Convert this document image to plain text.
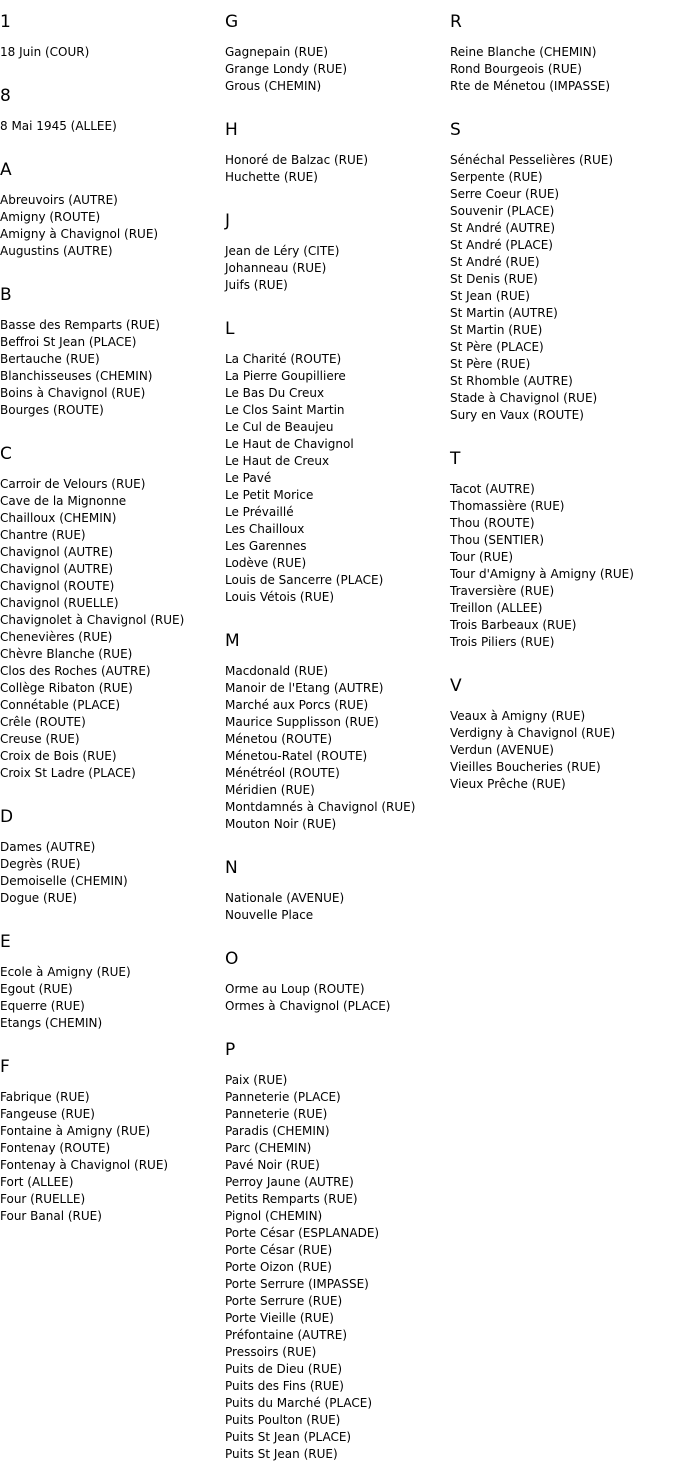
1
18 Juin (COUR)
8
8 Mai 1945 (ALLEE)
A
Abreuvoirs (AUTRE)
Amigny (ROUTE)
Amigny à Chavignol (RUE)
Augustins (AUTRE)
B
Basse des Remparts (RUE)
Beffroi St Jean (PLACE)
Bertauche (RUE)
Blanchisseuses (CHEMIN)
Boins à Chavignol (RUE)
Bourges (ROUTE)
C
Carroir de Velours (RUE)
Cave de la Mignonne
Chailloux (CHEMIN)
Chantre (RUE)
Chavignol (AUTRE)
Chavignol (AUTRE)
Chavignol (ROUTE)
Chavignol (RUELLE)
Chavignolet à Chavignol (RUE)
Chenevières (RUE)
Chèvre Blanche (RUE)
Clos des Roches (AUTRE)
Collège Ribaton (RUE)
Connétable (PLACE)
Crêle (ROUTE)
Creuse (RUE)
Croix de Bois (RUE)
Croix St Ladre (PLACE)
D
Dames (AUTRE)
Degrès (RUE)
Demoiselle (CHEMIN)
Dogue (RUE)
E
Ecole à Amigny (RUE)
Egout (RUE)
Equerre (RUE)
Etangs (CHEMIN)
F
Fabrique (RUE)
Fangeuse (RUE)
Fontaine à Amigny (RUE)
Fontenay (ROUTE)
Fontenay à Chavignol (RUE)
Fort (ALLEE)
Four (RUELLE)
Four Banal (RUE)
G
Gagnepain (RUE)
Grange Londy (RUE)
Grous (CHEMIN)
H
Honoré de Balzac (RUE)
Huchette (RUE)
J
Jean de Léry (CITE)
Johanneau (RUE)
Juifs (RUE)
L
La Charité (ROUTE)
La Pierre Goupilliere
Le Bas Du Creux
Le Clos Saint Martin
Le Cul de Beaujeu
Le Haut de Chavignol
Le Haut de Creux
Le Pavé
Le Petit Morice
Le Prévaillé
Les Chailloux
Les Garennes
Lodève (RUE)
Louis de Sancerre (PLACE)
Louis Vétois (RUE)
M
Macdonald (RUE)
Manoir de l'Etang (AUTRE)
Marché aux Porcs (RUE)
Maurice Supplisson (RUE)
Ménetou (ROUTE)
Ménetou-Ratel (ROUTE)
Ménétréol (ROUTE)
Méridien (RUE)
Montdamnés à Chavignol (RUE)
Mouton Noir (RUE)
N
Nationale (AVENUE)
Nouvelle Place
O
Orme au Loup (ROUTE)
Ormes à Chavignol (PLACE)
P
Paix (RUE)
Panneterie (PLACE)
Panneterie (RUE)
Paradis (CHEMIN)
Parc (CHEMIN)
Pavé Noir (RUE)
Perroy Jaune (AUTRE)
Petits Remparts (RUE)
Pignol (CHEMIN)
Porte César (ESPLANADE)
Porte César (RUE)
Porte Oizon (RUE)
Porte Serrure (IMPASSE)
Porte Serrure (RUE)
Porte Vieille (RUE)
Préfontaine (AUTRE)
Pressoirs (RUE)
Puits de Dieu (RUE)
Puits des Fins (RUE)
Puits du Marché (PLACE)
Puits Poulton (RUE)
Puits St Jean (PLACE)
Puits St Jean (RUE)
R
Reine Blanche (CHEMIN)
Rond Bourgeois (RUE)
Rte de Ménetou (IMPASSE)
S
Sénéchal Pesselières (RUE)
Serpente (RUE)
Serre Coeur (RUE)
Souvenir (PLACE)
St André (AUTRE)
St André (PLACE)
St André (RUE)
St Denis (RUE)
St Jean (RUE)
St Martin (AUTRE)
St Martin (RUE)
St Père (PLACE)
St Père (RUE)
St Rhomble (AUTRE)
Stade à Chavignol (RUE)
Sury en Vaux (ROUTE)
T
Tacot (AUTRE)
Thomassière (RUE)
Thou (ROUTE)
Thou (SENTIER)
Tour (RUE)
Tour d'Amigny à Amigny (RUE)
Traversière (RUE)
Treillon (ALLEE)
Trois Barbeaux (RUE)
Trois Piliers (RUE)
V
Veaux à Amigny (RUE)
Verdigny à Chavignol (RUE)
Verdun (AVENUE)
Vieilles Boucheries (RUE)
Vieux Prêche (RUE)
